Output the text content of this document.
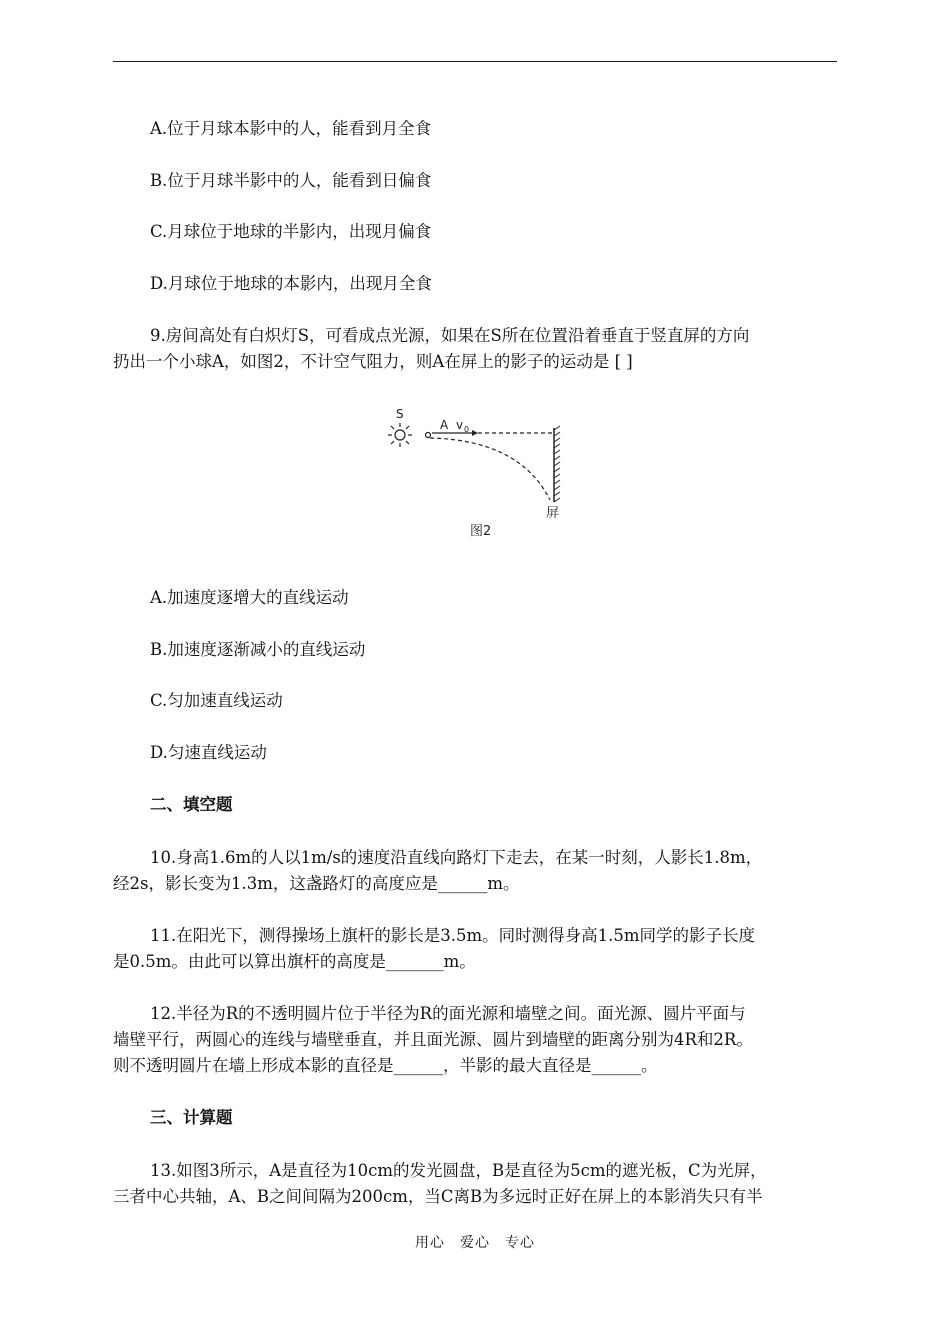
A.位于月球本影中的人，能看到月全食
B.位于月球半影中的人，能看到日偏食
C.月球位于地球的半影内，出现月偏食
D.月球位于地球的本影内，出现月全食
9.房间高处有白炽灯S，可看成点光源，如果在S所在位置沿着垂直于竖直屏的方向
扔出一个小球A，如图2，不计空气阻力，则A在屏上的影子的运动是 [ ]
S
A v 0
屏
图2
A.加速度逐增大的直线运动
B.加速度逐渐减小的直线运动
C.匀加速直线运动
D.匀速直线运动
二、填空题
10.身高1.6m的人以1m/s的速度沿直线向路灯下走去，在某一时刻，人影长1.8m，
经2s，影长变为1.3m，这盏路灯的高度应是______m。
11.在阳光下，测得操场上旗杆的影长是3.5m。同时测得身高1.5m同学的影子长度
是0.5m。由此可以算出旗杆的高度是_______m。
12.半径为R的不透明圆片位于半径为R的面光源和墙壁之间。面光源、圆片平面与
墙壁平行，两圆心的连线与墙壁垂直，并且面光源、圆片到墙壁的距离分别为4R和2R。
则不透明圆片在墙上形成本影的直径是______，半影的最大直径是______。
三、计算题
13.如图3所示，A是直径为10cm的发光圆盘，B是直径为5cm的遮光板，C为光屏，
三者中心共轴，A、B之间间隔为200cm，当C离B为多远时正好在屏上的本影消失只有半
用心　爱心　专心
